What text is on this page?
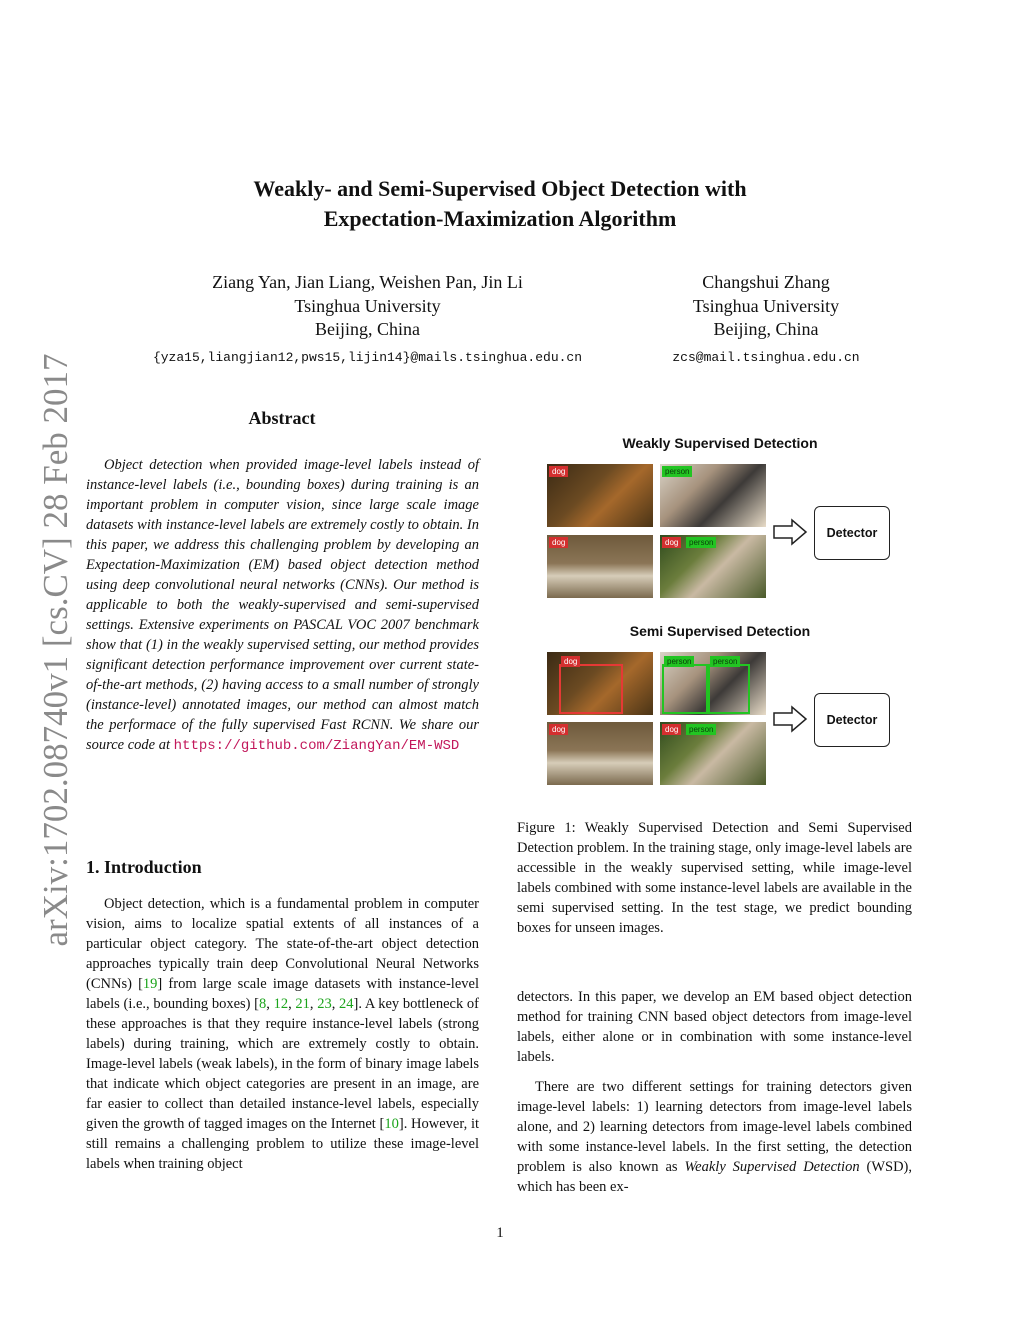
arXiv:1702.08740v1 [cs.CV] 28 Feb 2017
Weakly- and Semi-Supervised Object Detection with
Expectation-Maximization Algorithm
Ziang Yan, Jian Liang, Weishen Pan, Jin Li
Tsinghua University
Beijing, China
{yza15,liangjian12,pws15,lijin14}@mails.tsinghua.edu.cn
Changshui Zhang
Tsinghua University
Beijing, China
zcs@mail.tsinghua.edu.cn
Abstract

Object detection when provided image-level labels instead of instance-level labels (i.e., bounding boxes) during training is an important problem in computer vision, since large scale image datasets with instance-level labels are extremely costly to obtain. In this paper, we address this challenging problem by developing an Expectation-Maximization (EM) based object detection method using deep convolutional neural networks (CNNs). Our method is applicable to both the weakly-supervised and semi-supervised settings. Extensive experiments on PASCAL VOC 2007 benchmark show that (1) in the weakly supervised setting, our method provides significant detection performance improvement over current state-of-the-art methods, (2) having access to a small number of strongly (instance-level) annotated images, our method can almost match the performace of the fully supervised Fast RCNN. We share our source code at https://github.com/ZiangYan/EM-WSD

1. Introduction

Object detection, which is a fundamental problem in computer vision, aims to localize spatial extents of all instances of a particular object category. The state-of-the-art object detection approaches typically train deep Convolutional Neural Networks (CNNs) [19] from large scale image datasets with instance-level labels (i.e., bounding boxes) [8, 12, 21, 23, 24]. A key bottleneck of these approaches is that they require instance-level labels (strong labels) during training, which are extremely costly to obtain. Image-level labels (weak labels), in the form of binary image labels that indicate which object categories are present in an image, are far easier to collect than detailed instance-level labels, especially given the growth of tagged images on the Internet [10]. However, it still remains a challenging problem to utilize these image-level labels when training object

Weakly Supervised Detection
dog	person
dog	dog	person
Detector
Semi Supervised Detection
dog	person	person
dog	dog	person
Detector

Figure 1: Weakly Supervised Detection and Semi Supervised Detection problem. In the training stage, only image-level labels are accessible in the weakly supervised setting, while image-level labels combined with some instance-level labels are available in the semi supervised setting. In the test stage, we predict bounding boxes for unseen images.

detectors. In this paper, we develop an EM based object detection method for training CNN based object detectors from image-level labels, either alone or in combination with some instance-level labels.

There are two different settings for training detectors given image-level labels: 1) learning detectors from image-level labels alone, and 2) learning detectors from image-level labels combined with some instance-level labels. In the first setting, the detection problem is also known as Weakly Supervised Detection (WSD), which has been ex-

1
